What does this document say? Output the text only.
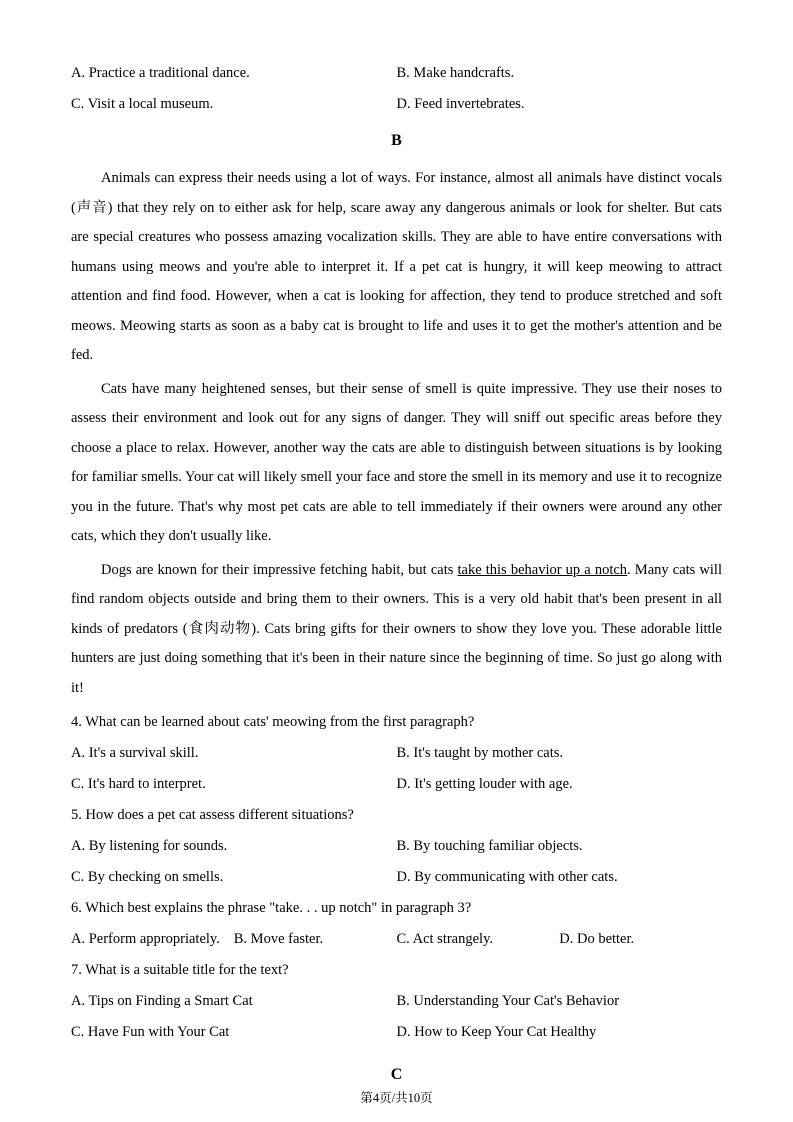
A. Practice a traditional dance.	B. Make handcrafts.
C. Visit a local museum.	D. Feed invertebrates.
B

Animals can express their needs using a lot of ways. For instance, almost all animals have distinct vocals (声音) that they rely on to either ask for help, scare away any dangerous animals or look for shelter. But cats are special creatures who possess amazing vocalization skills. They are able to have entire conversations with humans using meows and you're able to interpret it. If a pet cat is hungry, it will keep meowing to attract attention and find food. However, when a cat is looking for affection, they tend to produce stretched and soft meows. Meowing starts as soon as a baby cat is brought to life and uses it to get the mother's attention and be fed.

Cats have many heightened senses, but their sense of smell is quite impressive. They use their noses to assess their environment and look out for any signs of danger. They will sniff out specific areas before they choose a place to relax. However, another way the cats are able to distinguish between situations is by looking for familiar smells. Your cat will likely smell your face and store the smell in its memory and use it to recognize you in the future. That's why most pet cats are able to tell immediately if their owners were around any other cats, which they don't usually like.

Dogs are known for their impressive fetching habit, but cats take this behavior up a notch. Many cats will find random objects outside and bring them to their owners. This is a very old habit that's been present in all kinds of predators (食肉动物). Cats bring gifts for their owners to show they love you. These adorable little hunters are just doing something that it's been in their nature since the beginning of time. So just go along with it!

4. What can be learned about cats' meowing from the first paragraph?
A. It's a survival skill.	B. It's taught by mother cats.
C. It's hard to interpret.	D. It's getting louder with age.
5. How does a pet cat assess different situations?
A. By listening for sounds.	B. By touching familiar objects.
C. By checking on smells.	D. By communicating with other cats.
6. Which best explains the phrase "take. . . up notch" in paragraph 3?
A. Perform appropriately. B. Move faster.	C. Act strangely.	D. Do better.
7. What is a suitable title for the text?
A. Tips on Finding a Smart Cat	B. Understanding Your Cat's Behavior
C. Have Fun with Your Cat	D. How to Keep Your Cat Healthy
C
第4页/共10页
